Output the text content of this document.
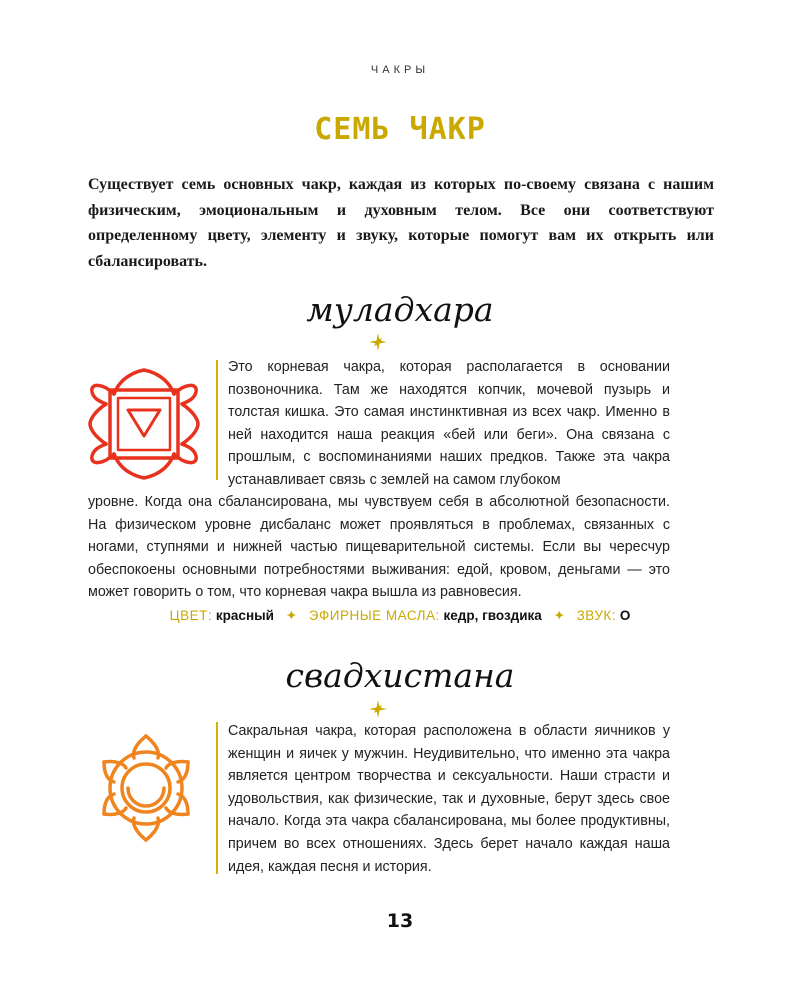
ЧАКРЫ
СЕМЬ ЧАКР
Существует семь основных чакр, каждая из которых по-своему связана с нашим физическим, эмоциональным и духовным телом. Все они соответствуют определенному цвету, элементу и звуку, которые помогут вам их открыть или сбалансировать.
муладхара

Это корневая чакра, которая располагается в основании позвоночника. Там же находятся копчик, мочевой пузырь и толстая кишка. Это самая инстинктивная из всех чакр. Именно в ней находится наша реакция «бей или беги». Она связана с прошлым, с воспоминаниями наших предков. Также эта чакра устанавливает связь с землей на самом глубоком

уровне. Когда она сбалансирована, мы чувствуем себя в абсолютной безопасности. На физическом уровне дисбаланс может проявляться в проблемах, связанных с ногами, ступнями и нижней частью пищеварительной системы. Если вы чересчур обеспокоены основными потребностями выживания: едой, кровом, деньгами — это может говорить о том, что корневая чакра вышла из равновесия.

ЦВЕТ: красный ✦ ЭФИРНЫЕ МАСЛА: кедр, гвоздика ✦ ЗВУК: О
свадхистана

Сакральная чакра, которая расположена в области яичников у женщин и яичек у мужчин. Неудивительно, что именно эта чакра является центром творчества и сексуальности. Наши страсти и удовольствия, как физические, так и духовные, берут здесь свое начало. Когда эта чакра сбалансирована, мы более продуктивны, причем во всех отношениях. Здесь берет начало каждая наша идея, каждая песня и история.

13
